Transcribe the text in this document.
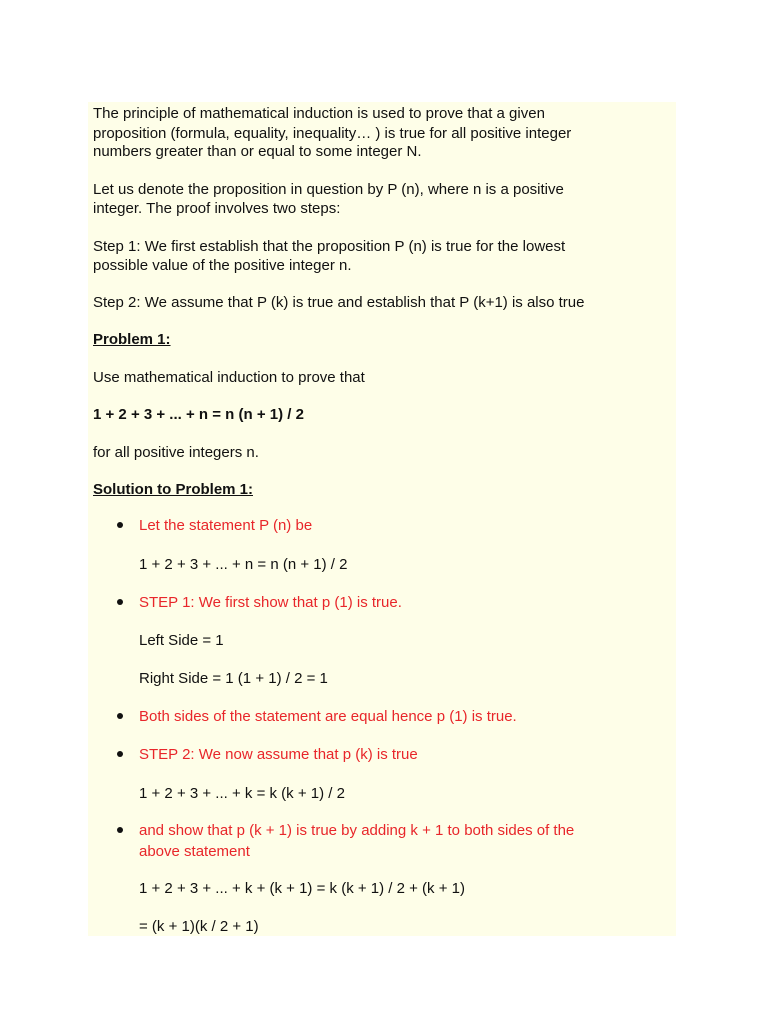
The principle of mathematical induction is used to prove that a given

proposition (formula, equality, inequality… ) is true for all positive integer

numbers greater than or equal to some integer N.

Let us denote the proposition in question by P (n), where n is a positive

integer. The proof involves two steps:

Step 1: We first establish that the proposition P (n) is true for the lowest

possible value of the positive integer n.

Step 2: We assume that P (k) is true and establish that P (k+1) is also true

Problem 1:

Use mathematical induction to prove that

1 + 2 + 3 + ... + n = n (n + 1) / 2

for all positive integers n.

Solution to Problem 1:

Let the statement P (n) be

1 + 2 + 3 + ... + n = n (n + 1) / 2

STEP 1: We first show that p (1) is true.

Left Side = 1

Right Side = 1 (1 + 1) / 2 = 1

Both sides of the statement are equal hence p (1) is true.

STEP 2: We now assume that p (k) is true

1 + 2 + 3 + ... + k = k (k + 1) / 2

and show that p (k + 1) is true by adding k + 1 to both sides of the

above statement

1 + 2 + 3 + ... + k + (k + 1) = k (k + 1) / 2 + (k + 1)

= (k + 1)(k / 2 + 1)
